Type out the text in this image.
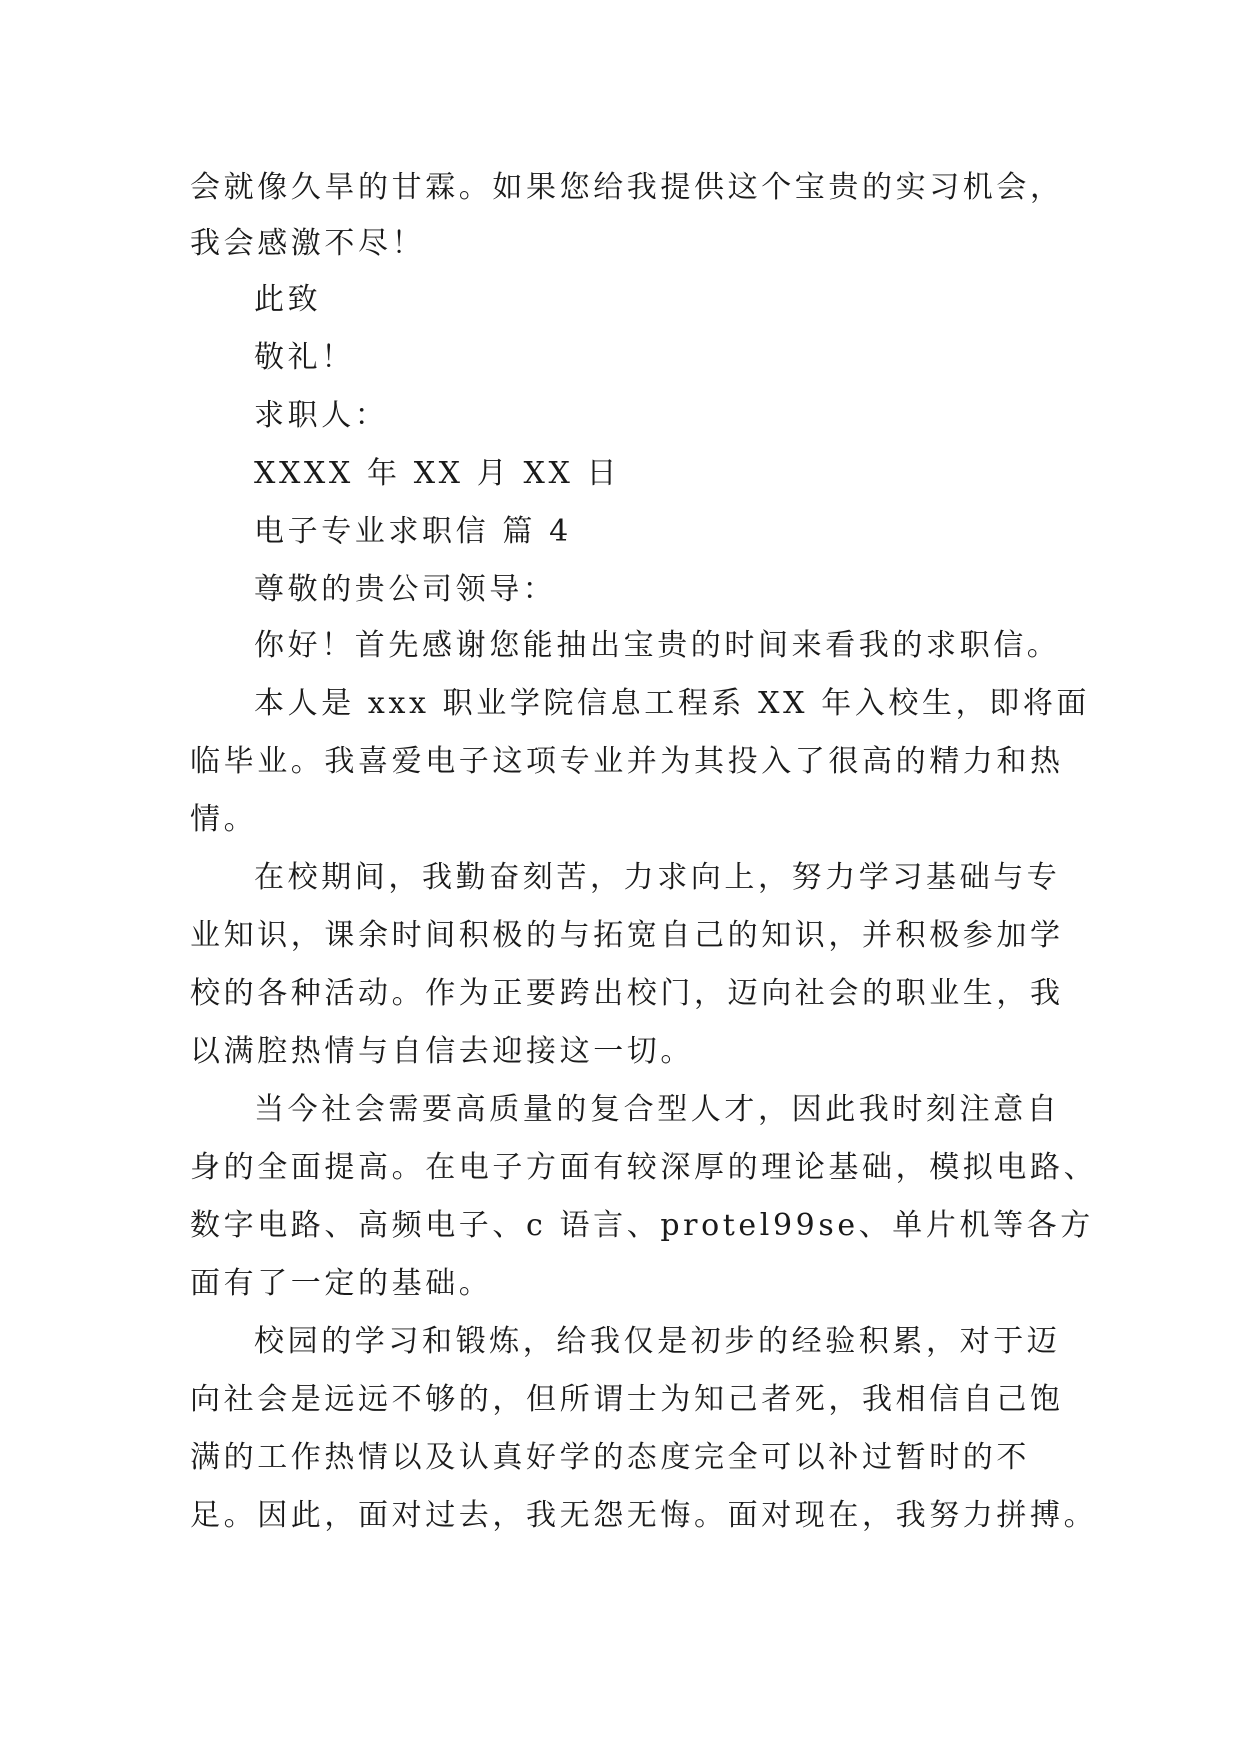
会就像久旱的甘霖。如果您给我提供这个宝贵的实习机会，
我会感激不尽！
此致
敬礼！
求职人：
XXXX 年 XX 月 XX 日
电子专业求职信 篇 4
尊敬的贵公司领导：
你好！首先感谢您能抽出宝贵的时间来看我的求职信。
本人是 xxx 职业学院信息工程系 XX 年入校生，即将面
临毕业。我喜爱电子这项专业并为其投入了很高的精力和热
情。
在校期间，我勤奋刻苦，力求向上，努力学习基础与专
业知识，课余时间积极的与拓宽自己的知识，并积极参加学
校的各种活动。作为正要跨出校门，迈向社会的职业生，我
以满腔热情与自信去迎接这一切。
当今社会需要高质量的复合型人才，因此我时刻注意自
身的全面提高。在电子方面有较深厚的理论基础，模拟电路、
数字电路、高频电子、c 语言、protel99se、单片机等各方
面有了一定的基础。
校园的学习和锻炼，给我仅是初步的经验积累，对于迈
向社会是远远不够的，但所谓士为知己者死，我相信自己饱
满的工作热情以及认真好学的态度完全可以补过暂时的不
足。因此，面对过去，我无怨无悔。面对现在，我努力拼搏。
